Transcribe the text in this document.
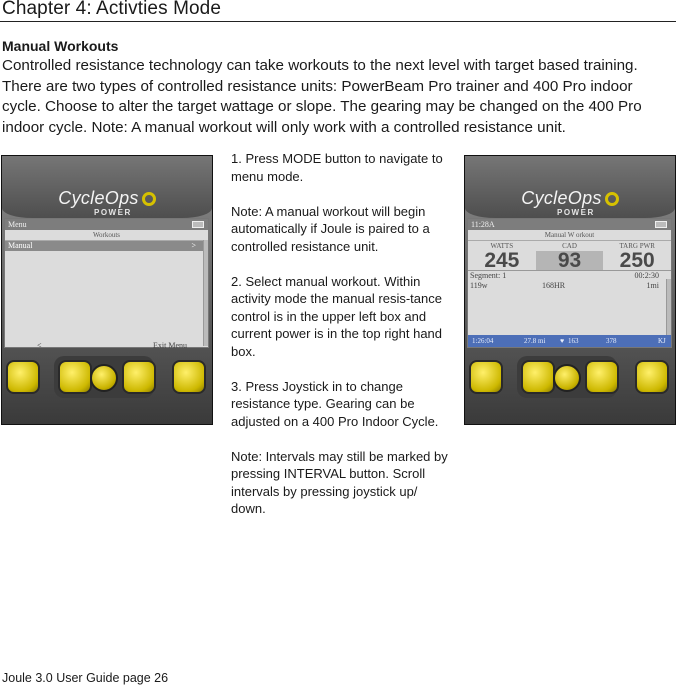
Chapter 4: Activties Mode
Manual Workouts

Controlled resistance technology can take workouts to the next level with target based training. There are two types of controlled resistance units: PowerBeam Pro trainer and 400 Pro indoor cycle. Choose to alter the target wattage or slope. The gearing may be changed on the 400 Pro indoor cycle. Note: A manual workout will only work with a controlled resistance unit.

CycleOps
POWER
Menu
Workouts
Manual	>
<	Exit Menu

1. Press MODE button to navigate to menu mode.

Note: A manual workout will begin automatically if Joule is paired to a controlled resistance unit.

2. Select manual workout. Within activity mode the manual resis-tance control is in the upper left box and current power is in the top right hand box.

3. Press Joystick in to change resistance type. Gearing can be adjusted on a 400 Pro Indoor Cycle.

Note: Intervals may still be marked by pressing INTERVAL button. Scroll intervals by pressing joystick up/ down.

CycleOps
POWER
11:28A
Manual W orkout
WATTS	CAD	TARG PWR
245	93	250
Segment: 1	00:2:30
119w	168HR	1mi
1:26:04	27.8 mi ♥ 163	378	KJ
Joule 3.0 User Guide page 26
